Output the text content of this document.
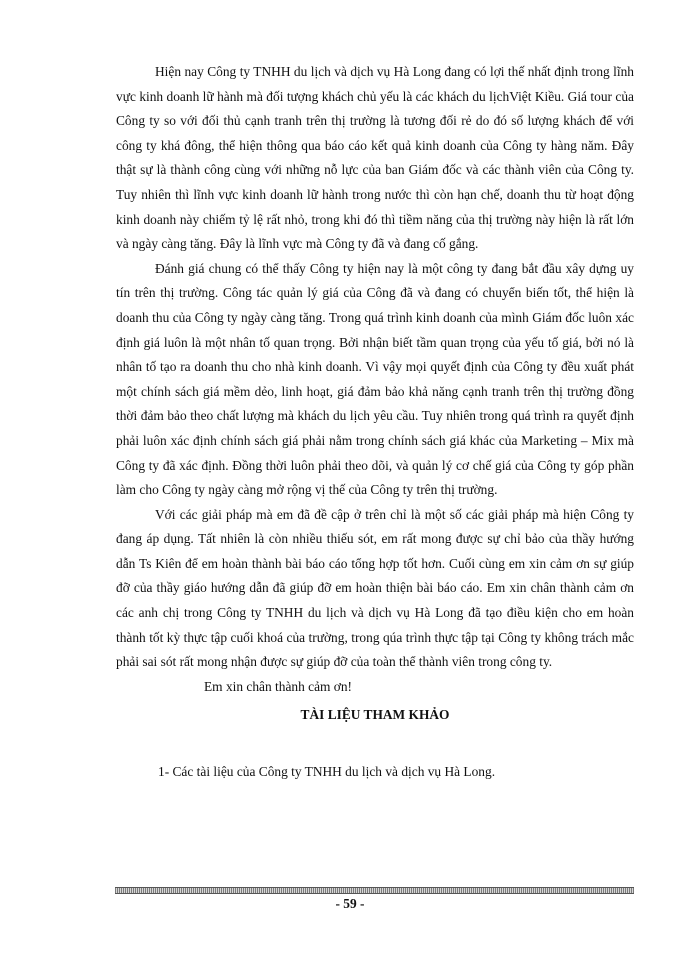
Hiện nay Công ty TNHH du lịch và dịch vụ Hà Long đang có lợi thế nhất định trong lĩnh vực kinh doanh lữ hành mà đối tượng khách chủ yếu là các khách du lịchViệt Kiều. Giá tour của Công ty so với đối thủ cạnh tranh trên thị trường là tương đối rẻ do đó số lượng khách để với công ty khá đông, thể hiện thông qua báo cáo kết quả kinh doanh của Công ty hàng năm. Đây thật sự là thành công cùng với những nỗ lực của ban Giám đốc và các thành viên của Công ty. Tuy nhiên thì lĩnh vực kinh doanh lữ hành trong nước thì còn hạn chế, doanh thu từ hoạt động kinh doanh này chiếm tỷ lệ rất nhỏ, trong khi đó thì tiềm năng của thị trường này hiện là rất lớn và ngày càng tăng. Đây là lĩnh vực mà Công ty đã và đang cố gắng.

Đánh giá chung có thể thấy Công ty hiện nay là một công ty đang bắt đầu xây dựng uy tín trên thị trường. Công tác quản lý giá của Công đã và đang có chuyển biến tốt, thể hiện là doanh thu của Công ty ngày càng tăng. Trong quá trình kinh doanh của mình Giám đốc luôn xác định giá luôn là một nhân tố quan trọng. Bởi nhận biết tầm quan trọng của yếu tố giá, bởi nó là nhân tố tạo ra doanh thu cho nhà kinh doanh. Vì vậy mọi quyết định của Công ty đều xuất phát một chính sách giá mềm dẻo, linh hoạt, giá đảm bảo khả năng cạnh tranh trên thị trường đồng thời đảm bảo theo chất lượng mà khách du lịch yêu cầu. Tuy nhiên trong quá trình ra quyết định phải luôn xác định chính sách giá phải nằm trong chính sách giá khác của Marketing – Mix mà Công ty đã xác định. Đồng thời luôn phải theo dõi, và quản lý cơ chế giá của Công ty góp phần làm cho Công ty ngày càng mở rộng vị thế của Công ty trên thị trường.

Với các giải pháp mà em đã đề cập ở trên chỉ là một số các giải pháp mà hiện Công ty đang áp dụng. Tất nhiên là còn nhiều thiếu sót, em rất mong được sự chỉ bảo của thầy hướng dẫn Ts Kiên để em hoàn thành bài báo cáo tổng hợp tốt hơn. Cuối cùng em xin cảm ơn sự giúp đỡ của thầy giáo hướng dẫn đã giúp đỡ em hoàn thiện bài báo cáo. Em xin chân thành cảm ơn các anh chị trong Công ty TNHH du lịch và dịch vụ Hà Long đã tạo điều kiện cho em hoàn thành tốt kỳ thực tập cuối khoá của trường, trong qúa trình thực tập tại Công ty không trách mắc phải sai sót rất mong nhận được sự giúp đỡ của toàn thể thành viên trong công ty.

Em xin chân thành cảm ơn!

TÀI LIỆU THAM KHẢO

1- Các tài liệu của Công ty TNHH du lịch và dịch vụ Hà Long.

- 59 -
